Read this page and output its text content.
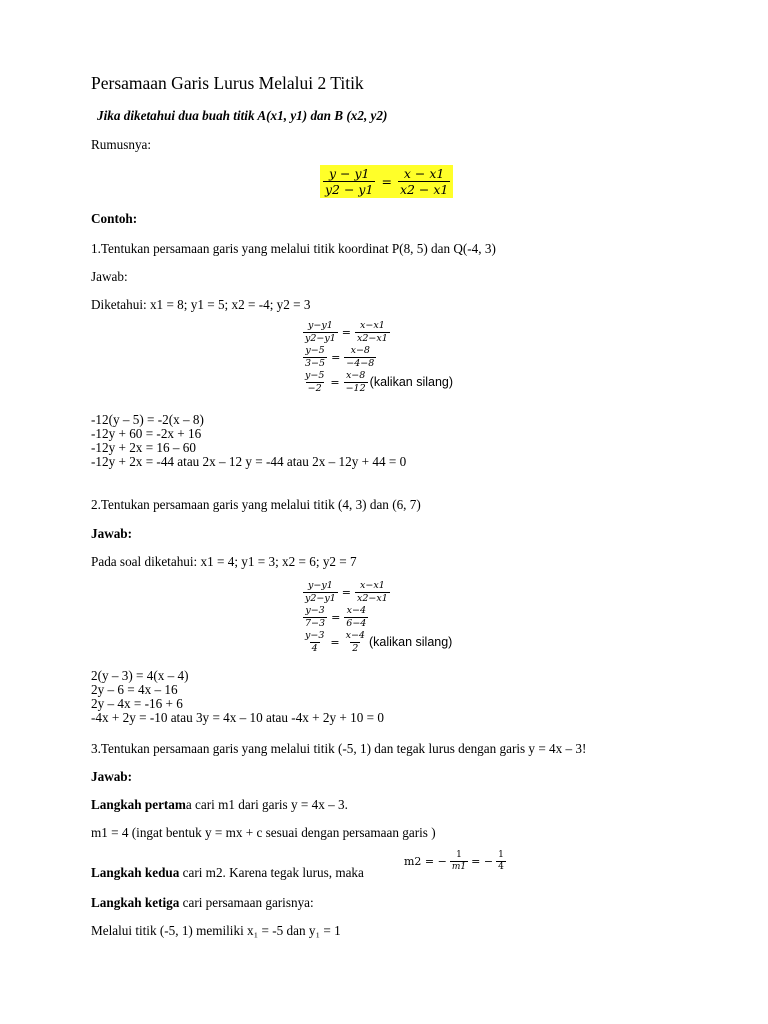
Persamaan Garis Lurus Melalui 2 Titik
Jika diketahui dua buah titik A(x1, y1) dan B (x2, y2)
Rumusnya:
$\frac{y - y1}{y2 - y1} = \frac{x - x1}{x2 - x1}$
Contoh:
1.Tentukan persamaan garis yang melalui titik koordinat P(8, 5) dan Q(-4, 3)
Jawab:
Diketahui: x1 = 8; y1 = 5; x2 = -4; y2 = 3
$\frac{y-y1}{y2-y1} = \frac{x-x1}{x2-x1}$
$\frac{y-5}{3-5} = \frac{x-8}{-4-8}$
$\frac{y-5}{-2} = \frac{x-8}{-12}$ (kalikan silang)
-12(y – 5) = -2(x – 8)
-12y + 60 = -2x + 16
-12y + 2x = 16 – 60
-12y + 2x = -44 atau 2x – 12 y = -44 atau 2x – 12y + 44 = 0
2.Tentukan persamaan garis yang melalui titik (4, 3) dan (6, 7)
Jawab:
Pada soal diketahui: x1 = 4; y1 = 3; x2 = 6; y2 = 7
$\frac{y-y1}{y2-y1} = \frac{x-x1}{x2-x1}$
$\frac{y-3}{7-3} = \frac{x-4}{6-4}$
$\frac{y-3}{4} = \frac{x-4}{2}$ (kalikan silang)
2(y – 3) = 4(x – 4)
2y – 6 = 4x – 16
2y – 4x = -16 + 6
-4x + 2y = -10 atau 3y = 4x – 10 atau -4x + 2y + 10 = 0
3.Tentukan persamaan garis yang melalui titik (-5, 1) dan tegak lurus dengan garis y = 4x – 3!
Jawab:
Langkah pertama cari m1 dari garis y = 4x – 3.
m1 = 4 (ingat bentuk y = mx + c sesuai dengan persamaan garis )
Langkah kedua cari m2. Karena tegak lurus, maka
m2 = − $\frac{1}{m1}$ = − $\frac{1}{4}$
Langkah ketiga cari persamaan garisnya:
Melalui titik (-5, 1) memiliki x₁ = -5 dan y₁ = 1
